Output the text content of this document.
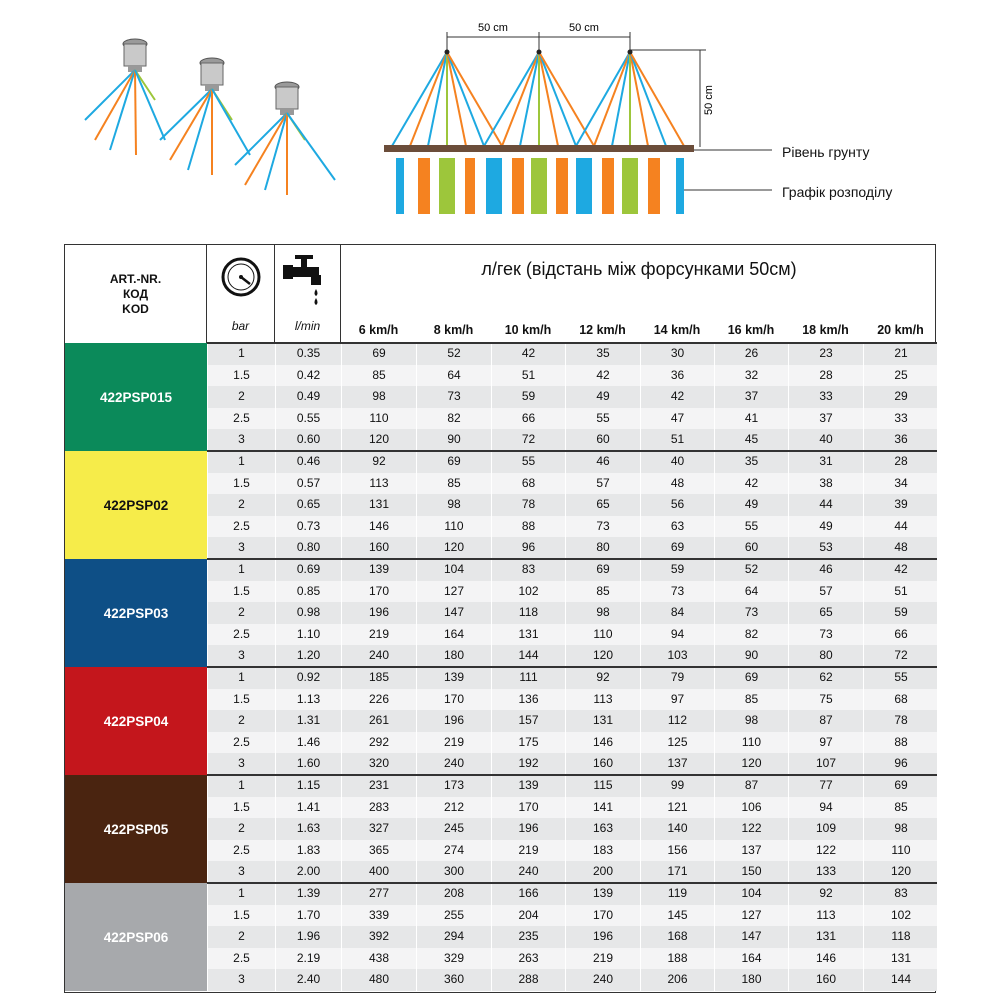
50 cm	50 cm
50 cm
Рівень грунту
Графік розподілу
ART.-NR.
КОД
KOD
bar	l/min
л/гек (відстань між форсунками 50см)
6 km/h	8 km/h	10 km/h	12 km/h	14 km/h	16 km/h	18 km/h	20 km/h
422PSP015
1	0.35	69	52	42	35	30	26	23	21
1.5	0.42	85	64	51	42	36	32	28	25
2	0.49	98	73	59	49	42	37	33	29
2.5	0.55	110	82	66	55	47	41	37	33
3	0.60	120	90	72	60	51	45	40	36
422PSP02
1	0.46	92	69	55	46	40	35	31	28
1.5	0.57	113	85	68	57	48	42	38	34
2	0.65	131	98	78	65	56	49	44	39
2.5	0.73	146	110	88	73	63	55	49	44
3	0.80	160	120	96	80	69	60	53	48
422PSP03
1	0.69	139	104	83	69	59	52	46	42
1.5	0.85	170	127	102	85	73	64	57	51
2	0.98	196	147	118	98	84	73	65	59
2.5	1.10	219	164	131	110	94	82	73	66
3	1.20	240	180	144	120	103	90	80	72
422PSP04
1	0.92	185	139	111	92	79	69	62	55
1.5	1.13	226	170	136	113	97	85	75	68
2	1.31	261	196	157	131	112	98	87	78
2.5	1.46	292	219	175	146	125	110	97	88
3	1.60	320	240	192	160	137	120	107	96
422PSP05
1	1.15	231	173	139	115	99	87	77	69
1.5	1.41	283	212	170	141	121	106	94	85
2	1.63	327	245	196	163	140	122	109	98
2.5	1.83	365	274	219	183	156	137	122	110
3	2.00	400	300	240	200	171	150	133	120
422PSP06
1	1.39	277	208	166	139	119	104	92	83
1.5	1.70	339	255	204	170	145	127	113	102
2	1.96	392	294	235	196	168	147	131	118
2.5	2.19	438	329	263	219	188	164	146	131
3	2.40	480	360	288	240	206	180	160	144
